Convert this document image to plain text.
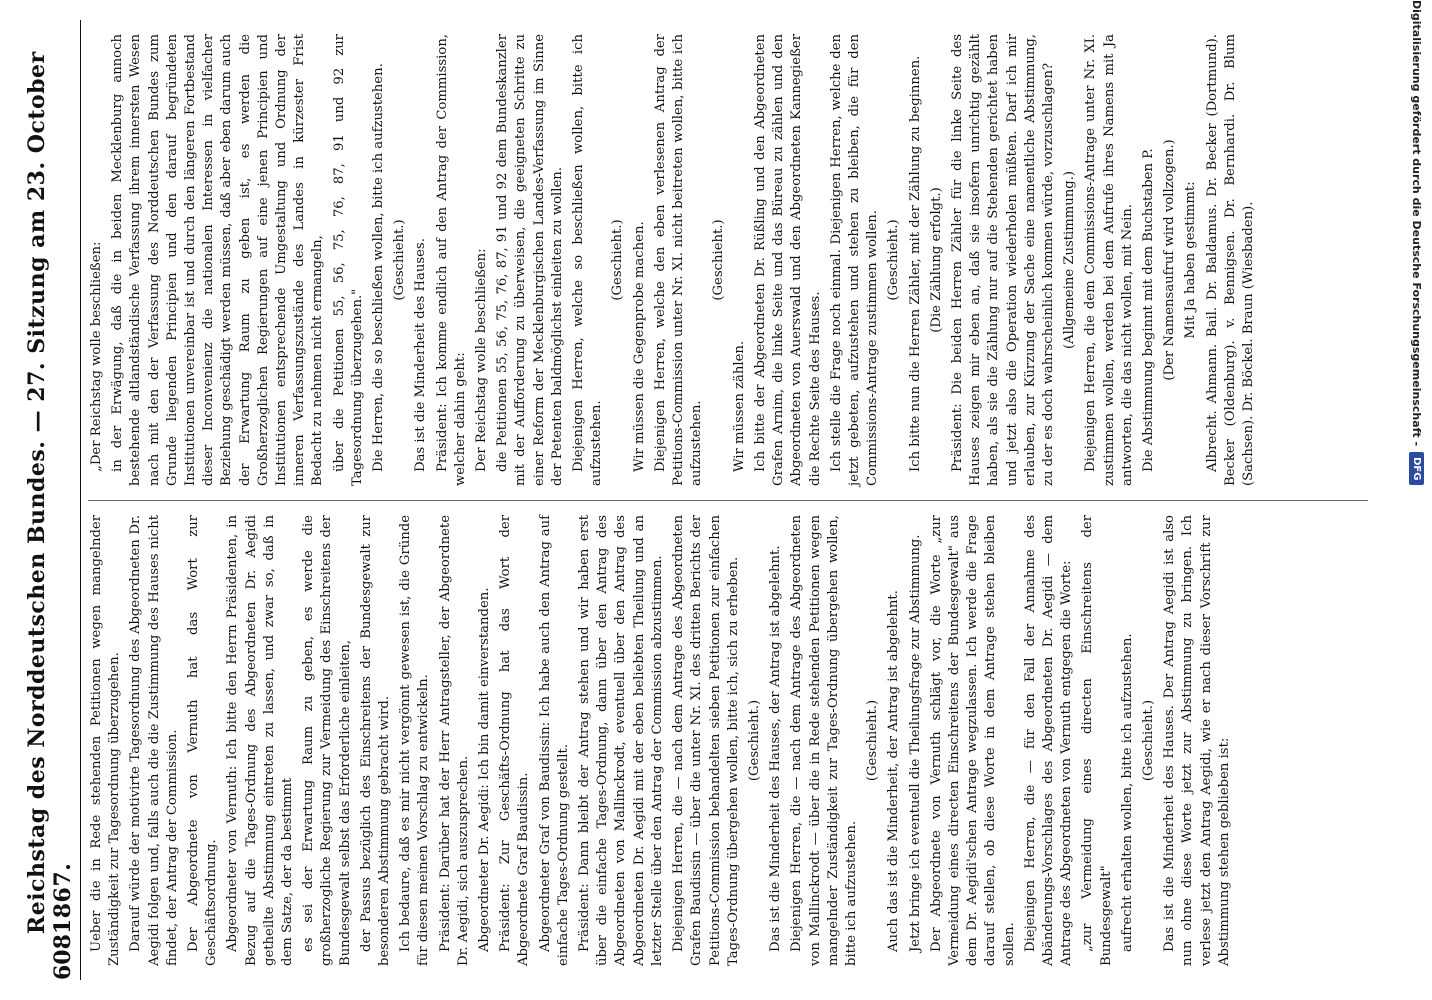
608
Reichstag des Norddeutschen Bundes. — 27. Sitzung am 23. October 1867. Ueber die in Rede stehenden Petitionen wegen mangelnder Zuständigkeit zur Tagesordnung überzugehen. Darauf würde der motivirte Tagesordnung des Abgeordneten Dr. Aegidi folgen und, falls auch die die Zustimmung des Hauses nicht findet, der Antrag der Commission. Der Abgeordnete von Vernuth hat das Wort zur Geschäftsordnung. Abgeordneter von Vernuth: Ich bitte den Herrn Präsidenten, in Bezug auf die Tages-Ordnung des Abgeordneten Dr. Aegidi getheilte Abstimmung eintreten zu lassen, und zwar so, daß in dem Satze, der da bestimmt es sei der Erwartung Raum zu geben, es werde die großherzogliche Regierung zur Vermeidung des Einschreitens der Bundesgewalt selbst das Erforderliche einleiten, der Passus bezüglich des Einschreitens der Bundesgewalt zur besonderen Abstimmung gebracht wird. Ich bedaure, daß es mir nicht vergönnt gewesen ist, die Gründe für diesen meinen Vorschlag zu entwickeln. Präsident: Darüber hat der Herr Antragsteller, der Abgeordnete Dr. Aegidi, sich auszusprechen. Abgeordneter Dr. Aegidi: Ich bin damit einverstanden. Präsident: Zur Geschäfts-Ordnung hat das Wort der Abgeordnete Graf Baudissin. Abgeordneter Graf von Baudissin: Ich habe auch den Antrag auf einfache Tages-Ordnung gestellt. Präsident: Dann bleibt der Antrag stehen und wir haben erst über die einfache Tages-Ordnung, dann über den Antrag des Abgeordneten von Mallinckrodt, eventuell über den Antrag des Abgeordneten Dr. Aegidi mit der eben beliebten Theilung und an letzter Stelle über den Antrag der Commission abzustimmen. Diejenigen Herren, die — nach dem Antrage des Abgeordneten Grafen Baudissin — über die unter Nr. XI. des dritten Berichts der Petitions-Commission behandelten sieben Petitionen zur einfachen Tages-Ordnung übergehen wollen, bitte ich, sich zu erheben. (Geschieht.) Das ist die Minderheit des Hauses, der Antrag ist abgelehnt. Diejenigen Herren, die — nach dem Antrage des Abgeordneten von Mallinckrodt — über die in Rede stehenden Petitionen wegen mangelnder Zuständigkeit zur Tages-Ordnung übergehen wollen, bitte ich aufzustehen.

(Geschieht.) Auch das ist die Minderheit, der Antrag ist abgelehnt. Jetzt bringe ich eventuell die Theilungsfrage zur Abstimmung. Der Abgeordnete von Vernuth schlägt vor, die Worte „zur Vermeidung eines directen Einschreitens der Bundesgewalt" aus dem Dr. Aegidi'schen Antrage wegzulassen. Ich werde die Frage darauf stellen, ob diese Worte in dem Antrage stehen bleiben sollen. Diejenigen Herren, die — für den Fall der Annahme des Abänderungs-Vorschlages des Abgeordneten Dr. Aegidi — dem Antrage des Abgeordneten von Vernuth entgegen die Worte: „zur Vermeidung eines directen Einschreitens der Bundesgewalt" aufrecht erhalten wollen, bitte ich aufzustehen. (Geschieht.) Das ist die Minderheit des Hauses. Der Antrag Aegidi ist also nun ohne diese Worte jetzt zur Abstimmung zu bringen. Ich verlese jetzt den Antrag Aegidi, wie er nach dieser Vorschrift zur Abstimmung stehen geblieben ist:

„Der Reichstag wolle beschließen: in der Erwägung, daß die in beiden Mecklenburg annoch bestehende altlandständische Verfassung ihrem innersten Wesen nach mit den der Verfassung des Norddeutschen Bundes zum Grunde liegenden Principien und den darauf begründeten Institutionen unvereinbar ist und durch den längeren Fortbestand dieser Inconvenienz die nationalen Interessen in vielfacher Beziehung geschädigt werden müssen, daß aber eben darum auch der Erwartung Raum zu geben ist, es werden die Großherzoglichen Regierungen auf eine jenen Principien und Institutionen entsprechende Umgestaltung und Ordnung der inneren Verfassungszustände des Landes in kürzester Frist Bedacht zu nehmen nicht ermangeln, über die Petitionen 55, 56, 75, 76, 87, 91 und 92 zur Tagesordnung überzugehen." Die Herren, die so beschließen wollen, bitte ich aufzustehen. (Geschieht.) Das ist die Minderheit des Hauses. Präsident: Ich komme endlich auf den Antrag der Commission, welcher dahin geht: Der Reichstag wolle beschließen: die Petitionen 55, 56, 75, 76, 87, 91 und 92 dem Bundeskanzler mit der Aufforderung zu überweisen, die geeigneten Schritte zu einer Reform der Mecklenburgischen Landes-Verfassung im Sinne der Petenten baldmöglichst einleiten zu wollen. Diejenigen Herren, welche so beschließen wollen, bitte ich aufzustehen.

(Geschieht.) Wir müssen die Gegenprobe machen. Diejenigen Herren, welche den eben verlesenen Antrag der Petitions-Commission unter Nr. XI. nicht beitreten wollen, bitte ich aufzustehen.

(Geschieht.)

Wir müssen zählen. Ich bitte der Abgeordneten Dr. Rüßling und den Abgeordneten Grafen Arnim, die linke Seite und das Büreau zu zählen und den Abgeordneten von Auerswald und den Abgeordneten Kannegießer die Rechte Seite des Hauses. Ich stelle die Frage noch einmal. Diejenigen Herren, welche den jetzt gebeten, aufzustehen und stehen zu bleiben, die für den Commissions-Antrage zustimmen wollen. (Geschieht.) Ich bitte nun die Herren Zähler, mit der Zählung zu beginnen. (Die Zählung erfolgt.) Präsident: Die beiden Herren Zähler für die linke Seite des Hauses zeigen mir eben an, daß sie insofern unrichtig gezählt haben, als sie die Zählung nur auf die Stehenden gerichtet haben und jetzt also die Operation wiederholen müßten. Darf ich mir erlauben, zur Kürzung der Sache eine namentliche Abstimmung, zu der es doch wahrscheinlich kommen würde, vorzuschlagen? (Allgemeine Zustimmung.) Diejenigen Herren, die dem Commissions-Antrage unter Nr. XI. zustimmen wollen, werden bei dem Aufrufe ihres Namens mit Ja antworten, die das nicht wollen, mit Nein. Die Abstimmung beginnt mit dem Buchstaben P. (Der Namensaufruf wird vollzogen.) Mit Ja haben gestimmt: Albrecht. Ahmann. Bail. Dr. Baldamus. Dr. Becker (Dortmund). Becker (Oldenburg). v. Bennigsen. Dr. Bernhardi. Dr. Blum (Sachsen). Dr. Böckel. Braun (Wiesbaden).	Digitalisierung gefördert durch die Deutsche Forschungsgemeinschaft -
DFG
